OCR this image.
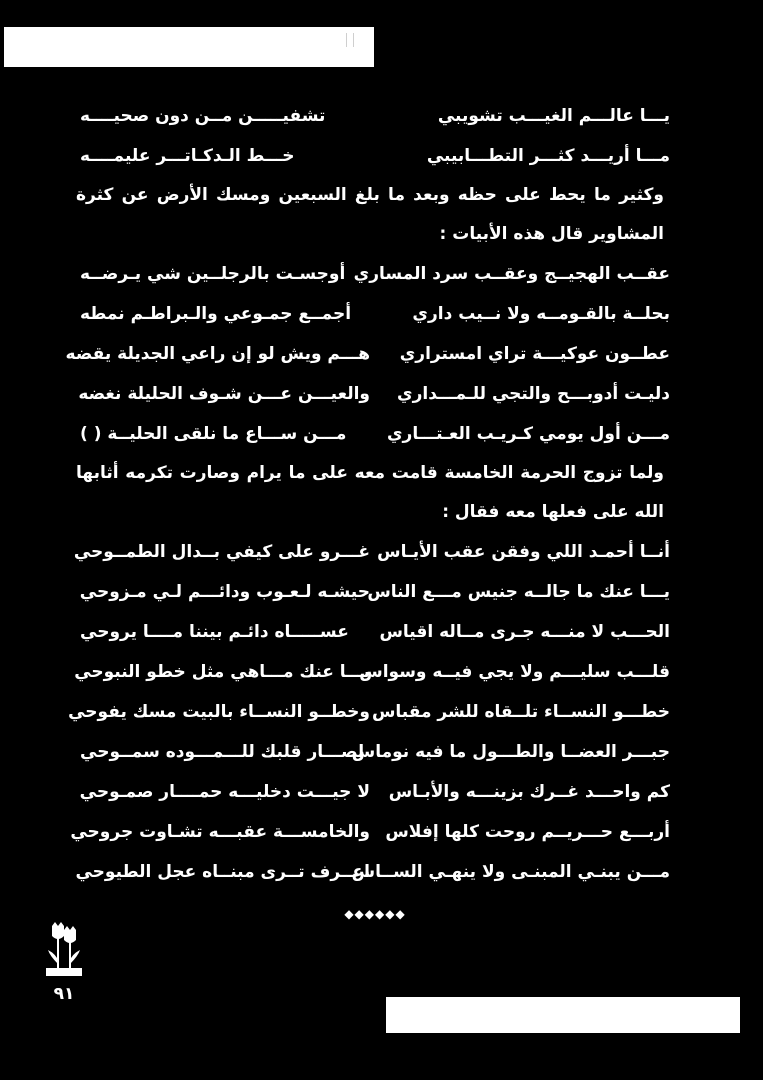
يـــا عالـــم الغيـــب تشويبي
تشفيـــــن مــن دون صحيــــه
مـــا أريـــد كثـــر التطـــابيبي
خـــط الـدكـاتـــر عليمــــه

وكثير ما يحط على حظه وبعد ما بلغ السبعين ومسك الأرض عن كثرة المشاوير قال هذه الأبيات :

عقــب الهجيــج وعقــب سرد المساري
أوجسـت بالرجلــين شي يـرضــه
بحلــة بالقـومــه ولا نــيب داري
أجمــع جمـوعي والـبراطـم نمطه
عطــون عوكيـــة تراي امستراري
هـــم ويش لو إن راعي الجديلة يقضه
دليـت أدوبـــح والتجي للـمـــداري
والعيـــن عـــن شـوف الحليلة نغضه
مـــن أول يومي كـريـب العـتـــاري
مـــن ســـاع ما نلقى الحليــة ( )

ولما تزوج الحرمة الخامسة قامت معه على ما يرام وصارت تكرمه أثابها الله على فعلها معه فقال :

أنــا أحمـد اللي وفقن عقب الأيـاس
غـــرو على كيفي بــدال الطمــوحي
يـــا عنك ما جالــه جنيس مـــع الناس
حيشـه لـعـوب ودائـــم لـي مـزوحي
الحـــب لا منـــه جـرى مــاله اقياس
عســـــاه دائـم بيننا مــــا يروحي
قلـــب سليـــم ولا يجي فيــه وسواس
يـــا عنك مـــاهي مثل خطو النبوحي
خطـــو النســاء تلــقاه للشر مقباس
وخطــو النســاء بالبيت مسك يفوحي
جبـــر العضــا والطـــول ما فيه نوماس
لصـــار قلبك للـــمـــوده سمــوحي
كم واحـــد غــرك بزينـــه والأبـاس
لا جيـــت دخليـــه حمــــار صمـوحي
أربـــع حـــريــم روحت كلها إفلاس
والخامســـة عقبـــه تشـاوت جروحي
مـــن يبنـي المبنـى ولا ينهـي الســاس
اعــرف تــرى مبنــاه عجل الطيوحي
◆◆◆◆◆◆
٩١
